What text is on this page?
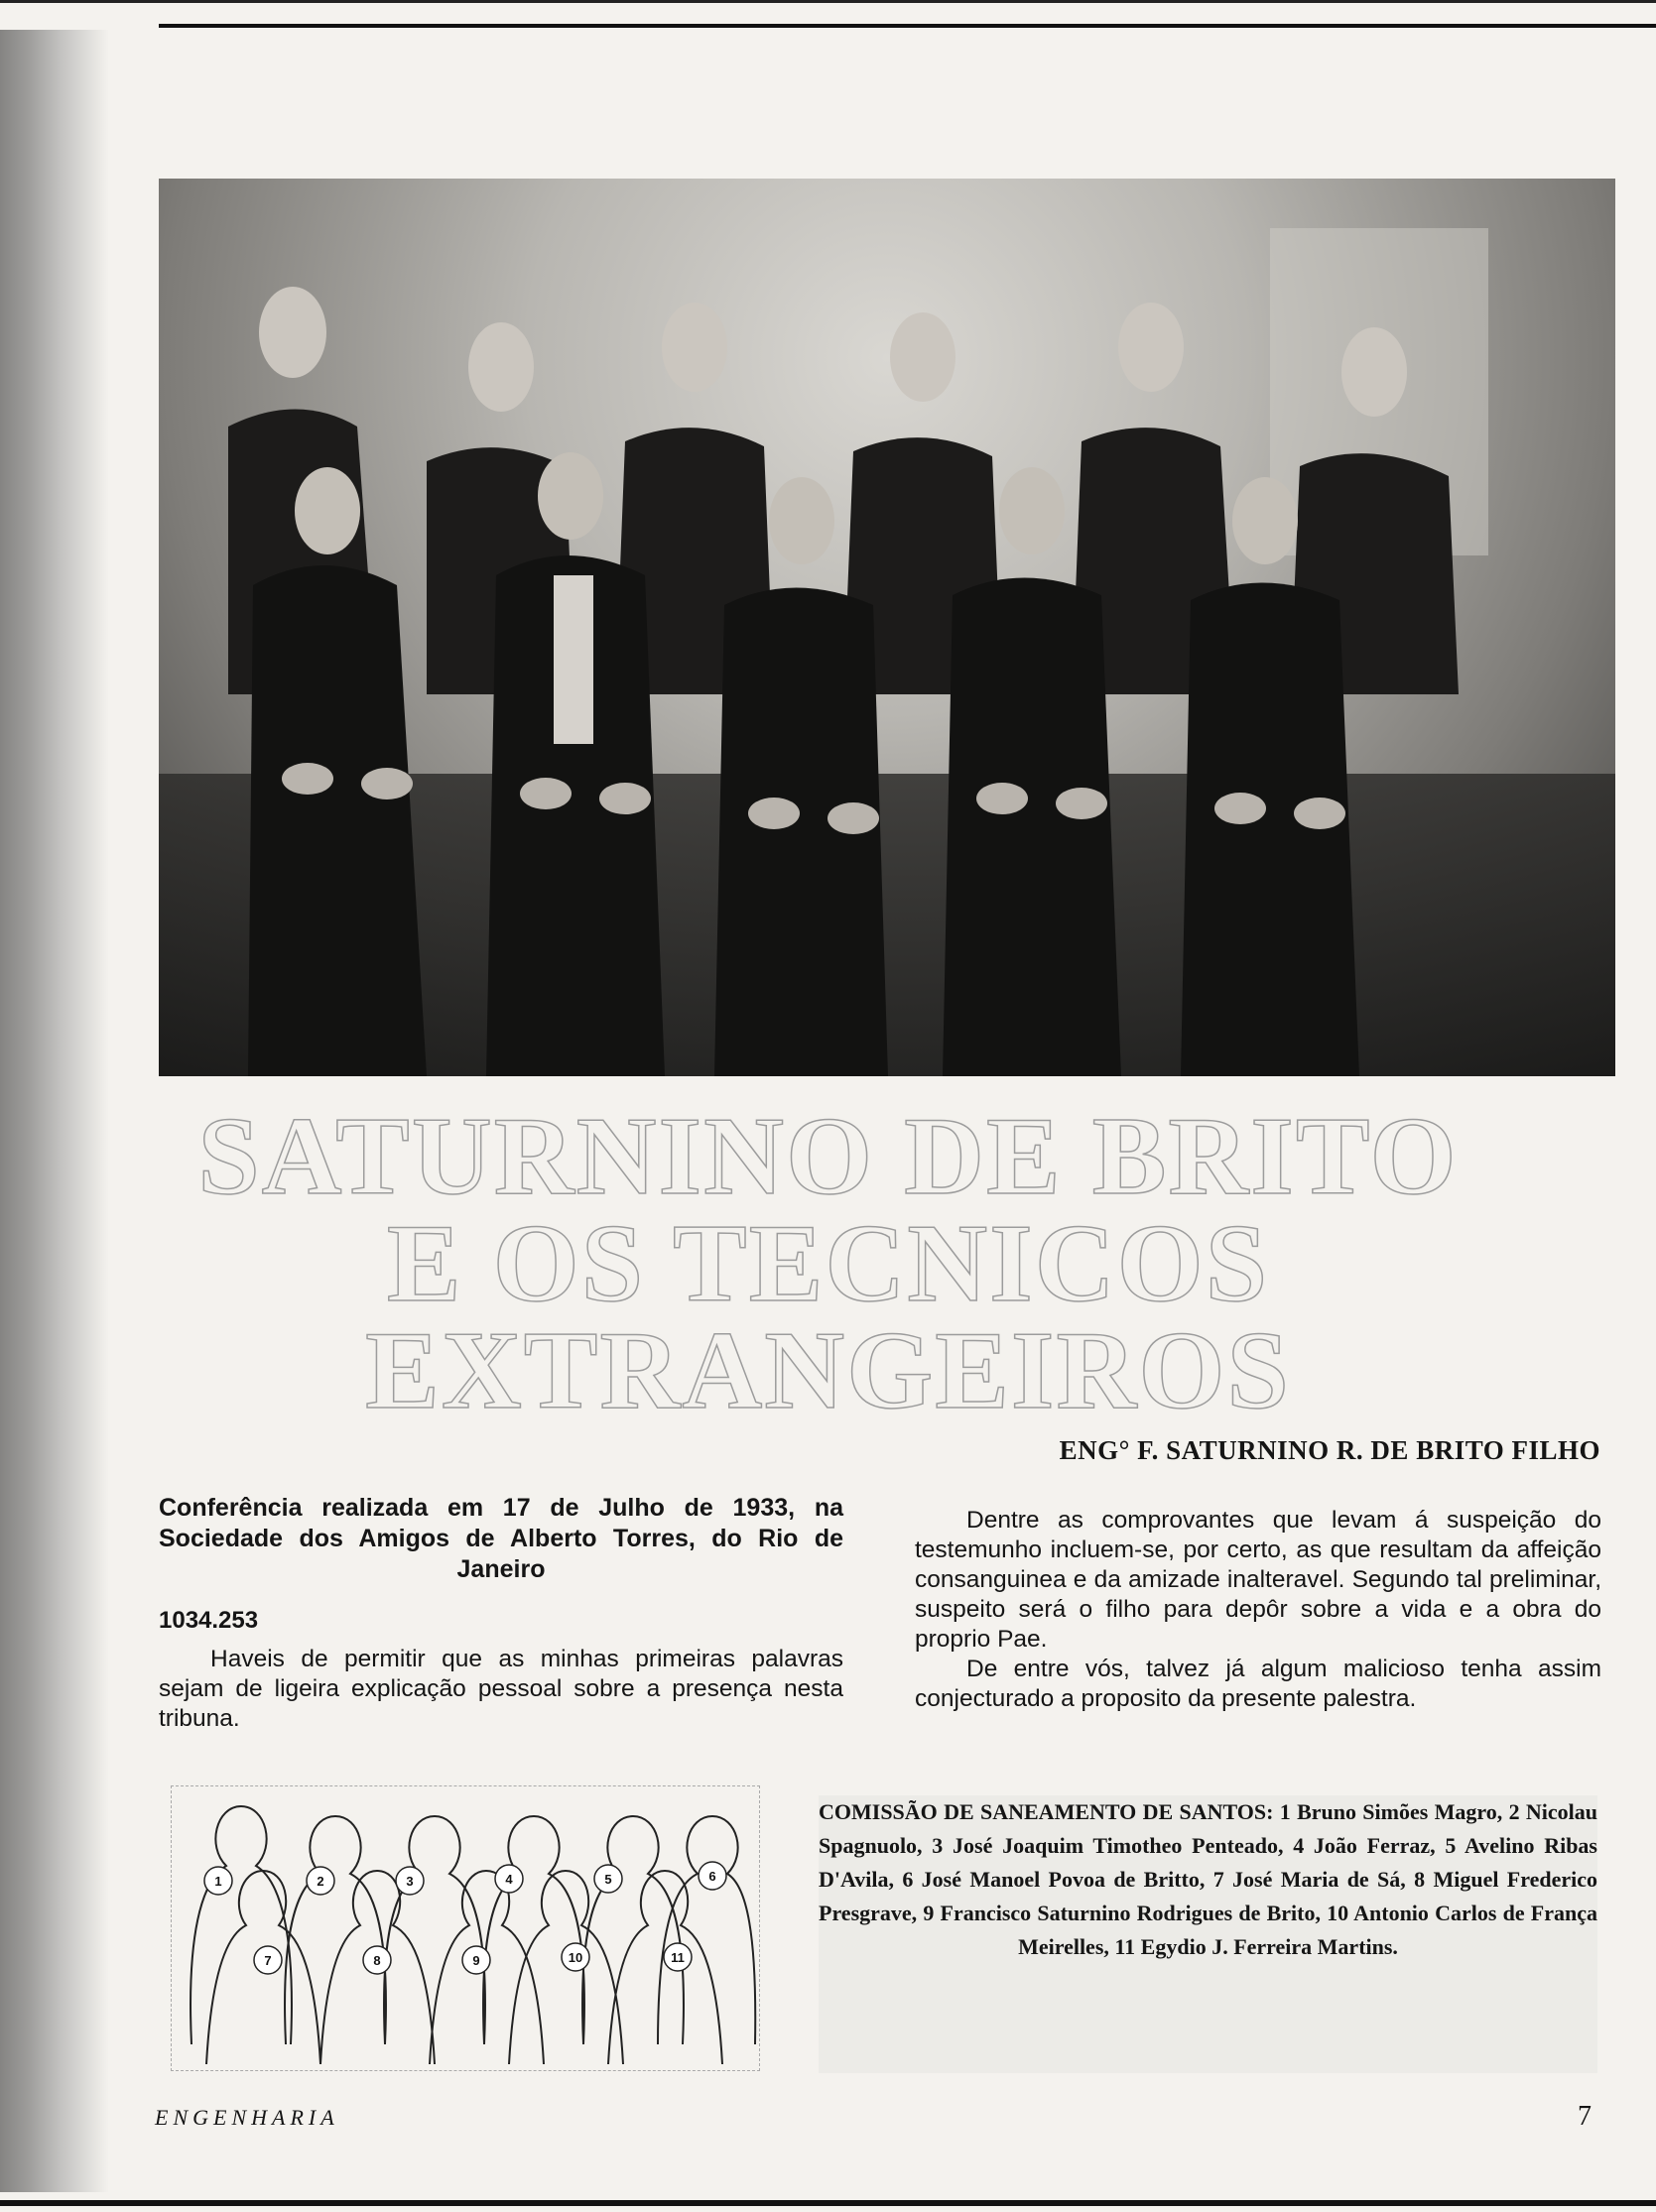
SATURNINO DE BRITO
E OS TECNICOS
EXTRANGEIROS
ENG° F. SATURNINO R. DE BRITO FILHO

Conferência realizada em 17 de Julho de 1933, na Sociedade dos Amigos de Alberto Torres, do Rio de Janeiro

1034.253

Haveis de permitir que as minhas primeiras palavras sejam de ligeira explicação pessoal sobre a presença nesta tribuna.

Dentre as comprovantes que levam á suspeição do testemunho incluem-se, por certo, as que resultam da affeição consanguinea e da amizade inalteravel. Segundo tal preliminar, suspeito será o filho para depôr sobre a vida e a obra do proprio Pae.

De entre vós, talvez já algum malicioso tenha assim conjecturado a proposito da presente palestra.

1	2	3	4	5	6
7	8	9	10	11

COMISSÃO DE SANEAMENTO DE SANTOS: 1 Bruno Simões Magro, 2 Nicolau Spagnuolo, 3 José Joaquim Timotheo Penteado, 4 João Ferraz, 5 Avelino Ribas D'Avila, 6 José Manoel Povoa de Britto, 7 José Maria de Sá, 8 Miguel Frederico Presgrave, 9 Francisco Saturnino Rodrigues de Brito, 10 Antonio Carlos de França Meirelles, 11 Egydio J. Ferreira Martins.

ENGENHARIA	7
